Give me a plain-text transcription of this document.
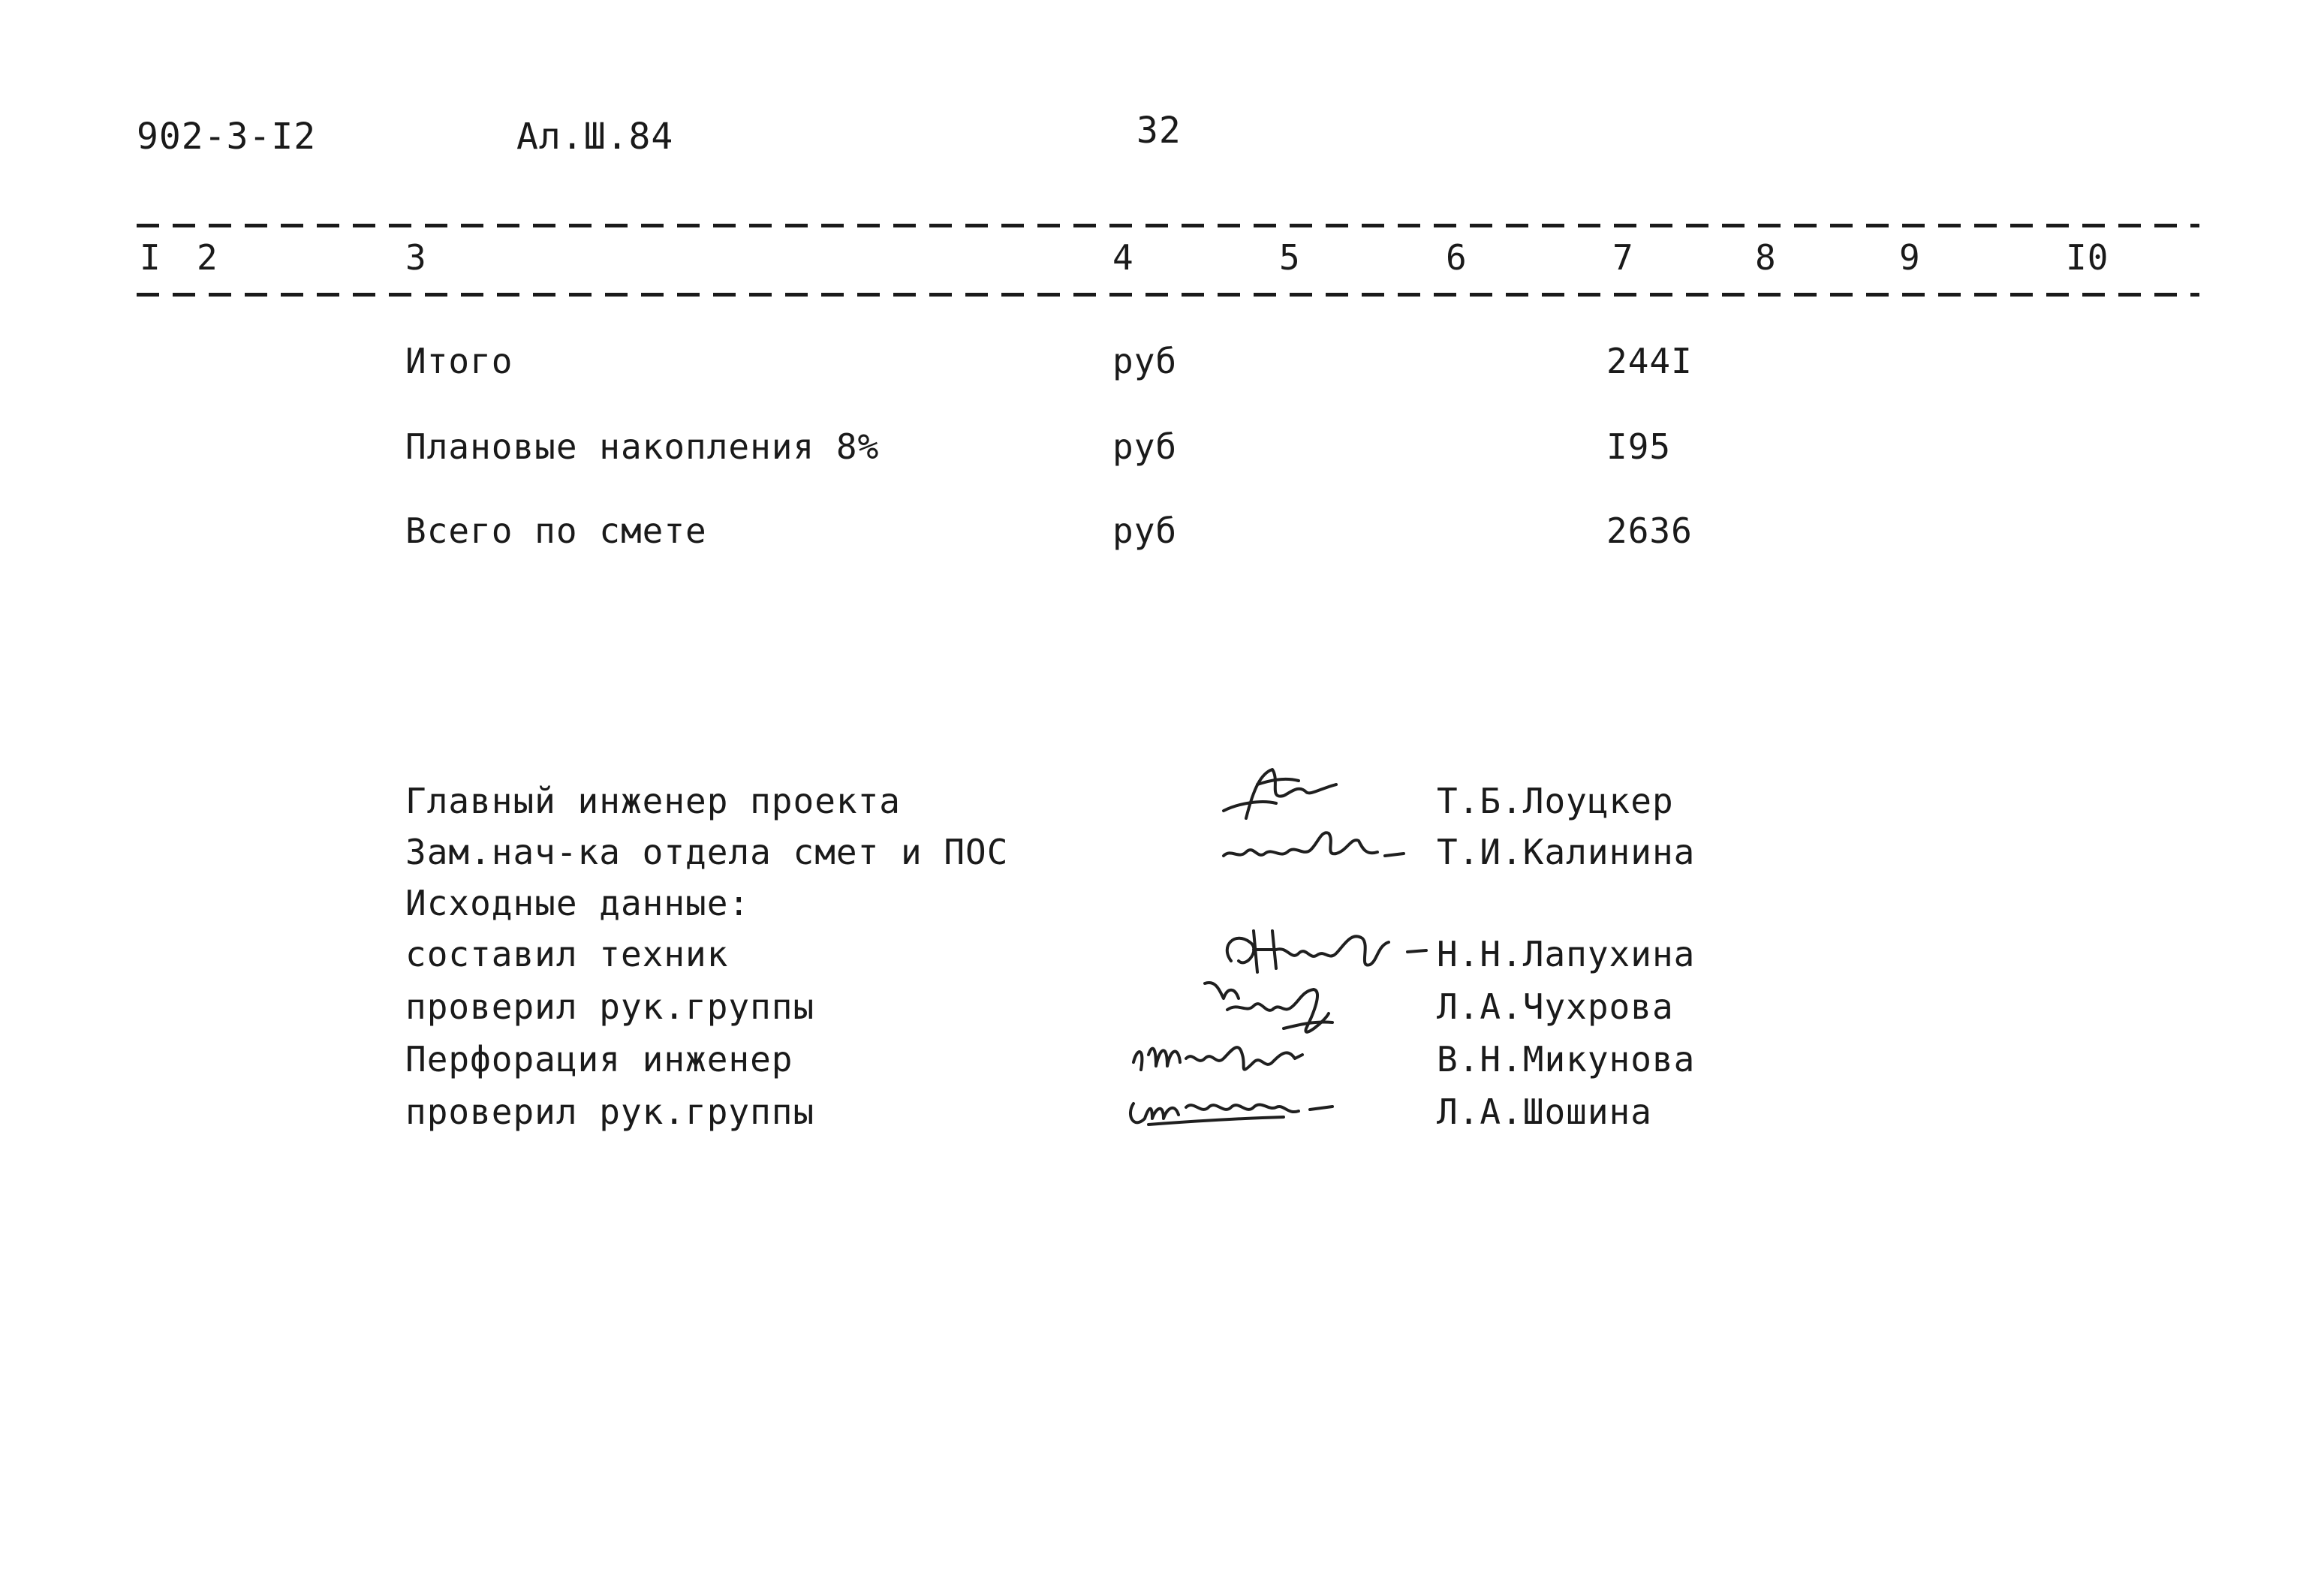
902-3-I2	Ал.Ш.84	32
I 2	3	4	5	6	7	8	9	I0
Итого	руб	244I
Плановые накопления 8%	руб	I95
Всего по смете	руб	2636
Главный инженер проекта	Т.Б.Лоуцкер
Зам.нач-ка отдела смет и ПОС	Т.И.Калинина
Исходные данные:
составил техник	Н.Н.Лапухина
проверил рук.группы	Л.А.Чухрова
Перфорация инженер	В.Н.Микунова
проверил рук.группы	Л.А.Шошина
